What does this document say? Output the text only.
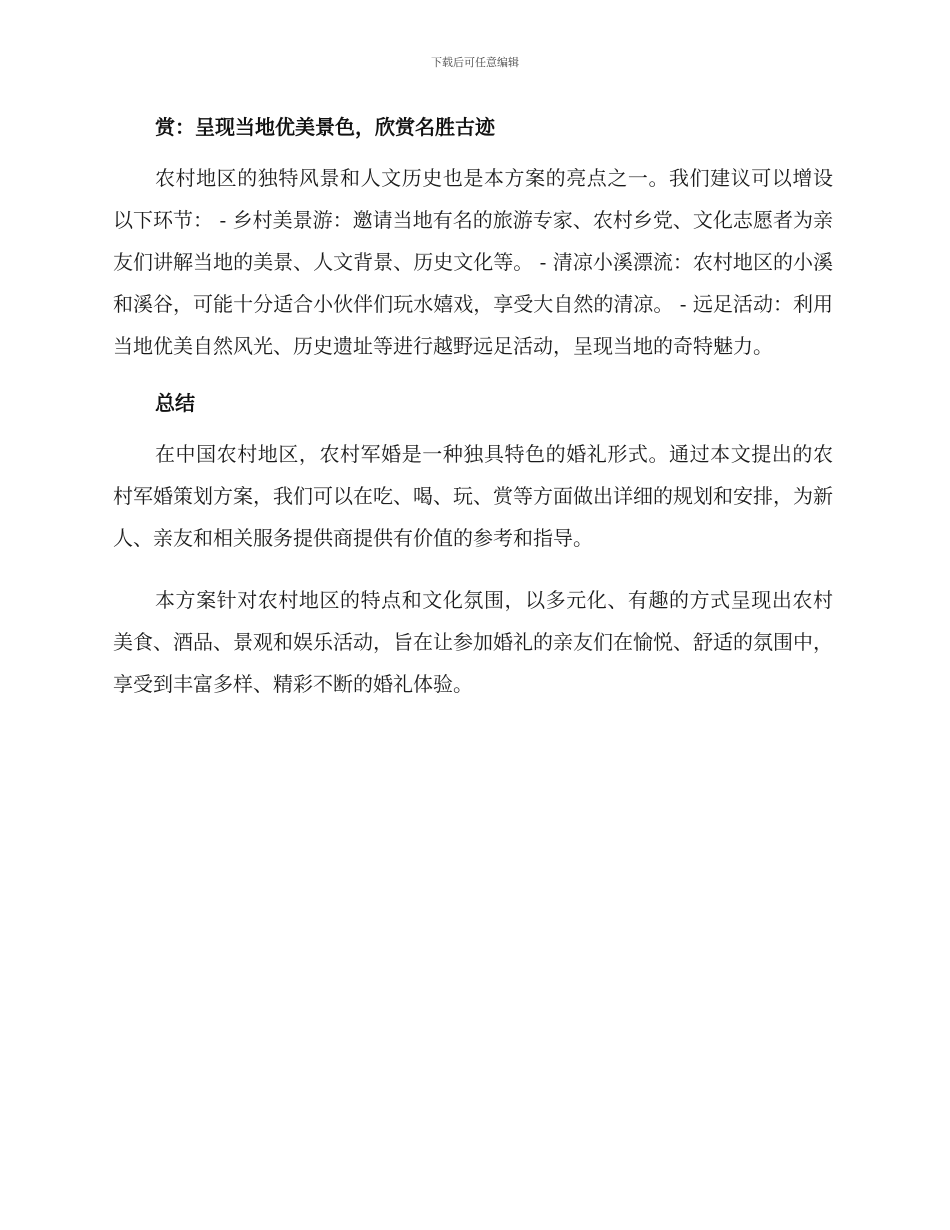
下载后可任意编辑
赏：呈现当地优美景色，欣赏名胜古迹

农村地区的独特风景和人文历史也是本方案的亮点之一。我们建议可以增设以下环节： - 乡村美景游：邀请当地有名的旅游专家、农村乡党、文化志愿者为亲友们讲解当地的美景、人文背景、历史文化等。 - 清凉小溪漂流：农村地区的小溪和溪谷，可能十分适合小伙伴们玩水嬉戏，享受大自然的清凉。 - 远足活动：利用当地优美自然风光、历史遗址等进行越野远足活动，呈现当地的奇特魅力。

总结

在中国农村地区，农村军婚是一种独具特色的婚礼形式。通过本文提出的农村军婚策划方案，我们可以在吃、喝、玩、赏等方面做出详细的规划和安排，为新人、亲友和相关服务提供商提供有价值的参考和指导。

本方案针对农村地区的特点和文化氛围，以多元化、有趣的方式呈现出农村美食、酒品、景观和娱乐活动，旨在让参加婚礼的亲友们在愉悦、舒适的氛围中，享受到丰富多样、精彩不断的婚礼体验。
